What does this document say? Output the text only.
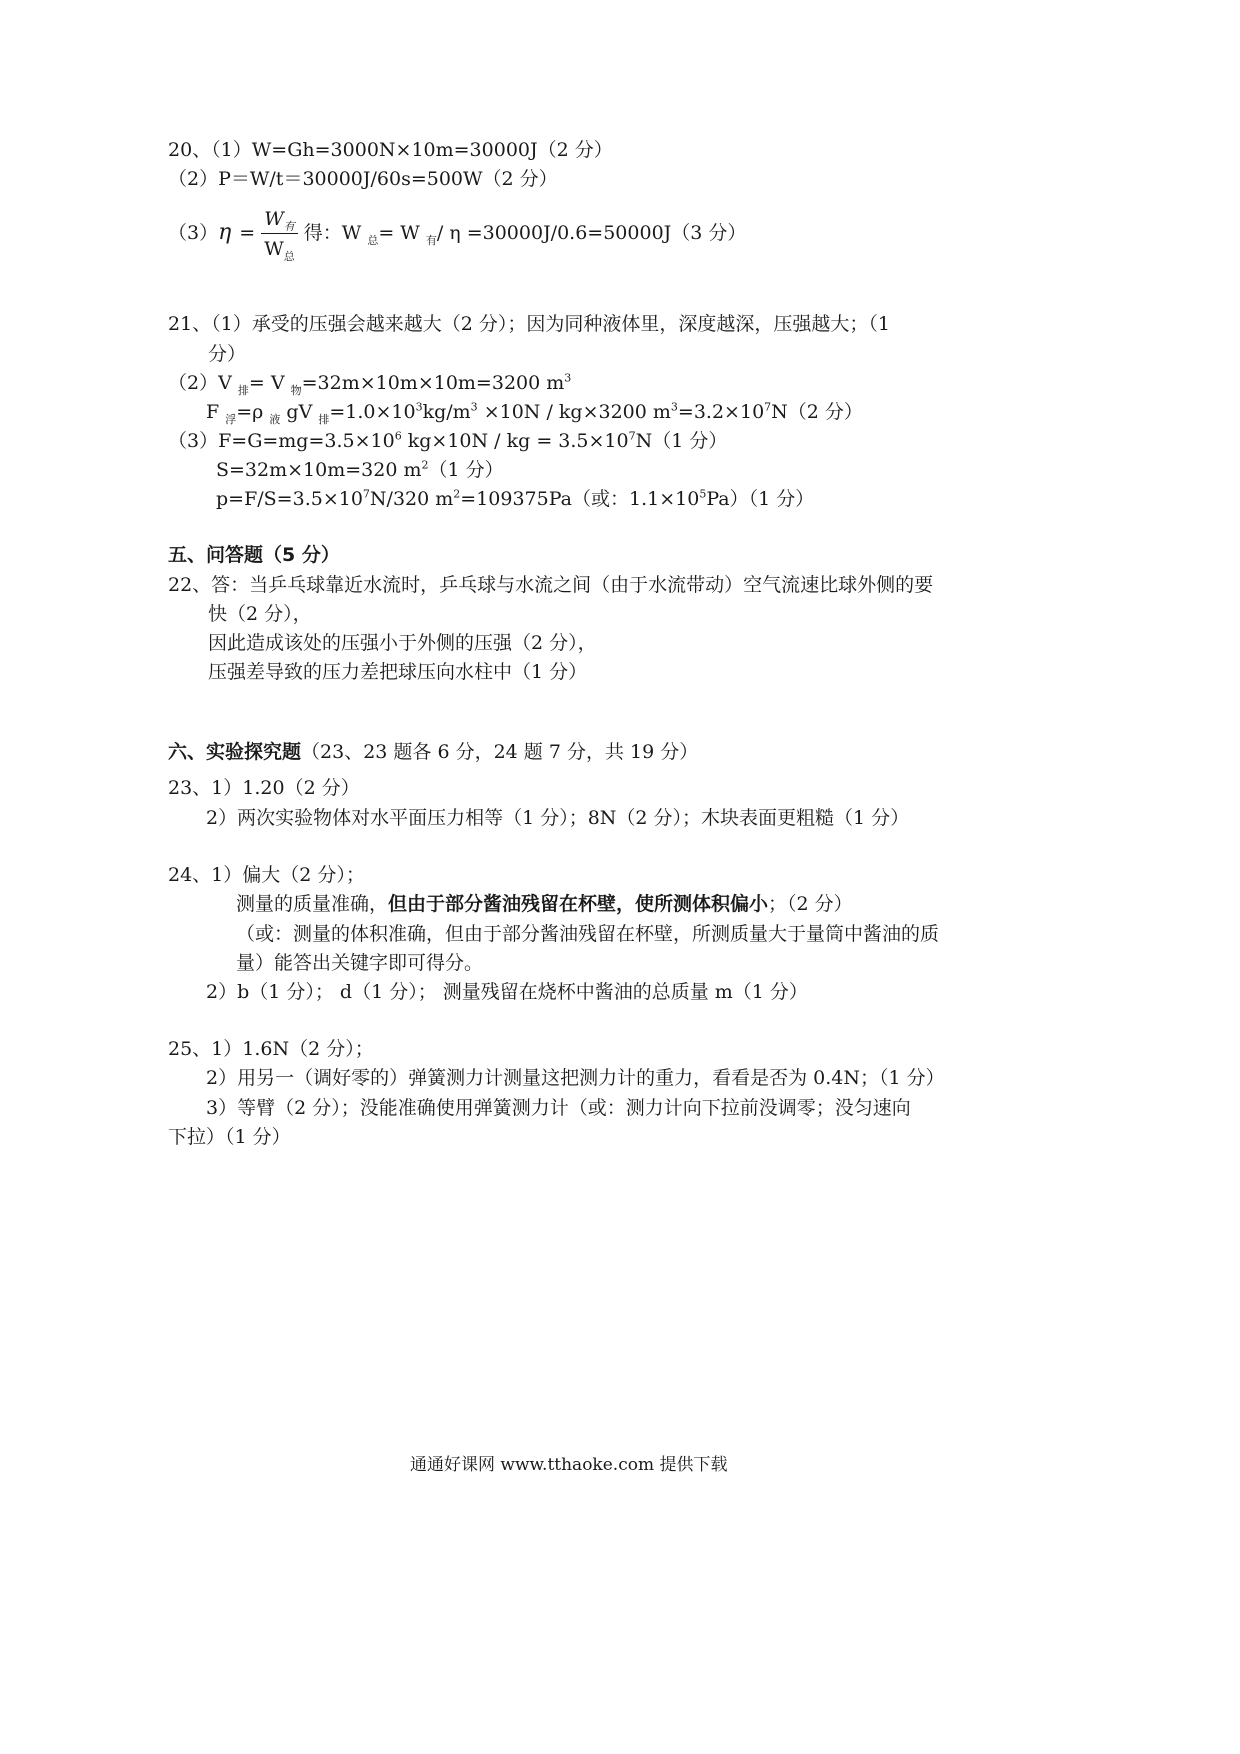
20、（1）W=Gh=3000N×10m=30000J（2 分）
（2）P＝W/t＝30000J/60s=500W（2 分）
$(3)\eta = \frac{W_有}{W_总}$ 得：W $_总$= W $_有$/ η =30000J/0.6=50000J（3 分）
21、（1）承受的压强会越来越大（2 分）；因为同种液体里，深度越深，压强越大；（1
分）
（2）V $_排$= V $_物$=32m×10m×10m=3200 $m^3$
F $_浮$=ρ $_液$ gV $_排=1.0\times 10^3kg/m^3 \times 10N / kg\times 3200$ $m^3=3.2\times 10^7N(2$ 分）
$(3)F=G=mg=3.5\times 10^6$ kg×10N / kg = $3.5\times 10^7N(1$ 分）
S=32m×10m=320 $m^2(1$ 分）
$p=F/S=3.5\times 10^7N/320$ $m^2=109375Pa$（或：$1.1\times 10^5Pa)(1$ 分）
五、问答题（5 分）
22、答：当乒乓球靠近水流时，乒乓球与水流之间（由于水流带动）空气流速比球外侧的要
快（2 分），
因此造成该处的压强小于外侧的压强（2 分），
压强差导致的压力差把球压向水柱中（1 分）
六、实验探究题（23、23 题各 6 分，24 题 7 分，共 19 分）
23、1）1.20（2 分）
2）两次实验物体对水平面压力相等（1 分）；8N（2 分）；木块表面更粗糙（1 分）
24、1）偏大（2 分）；
测量的质量准确，但由于部分酱油残留在杯壁，使所测体积偏小；（2 分）
（或：测量的体积准确，但由于部分酱油残留在杯壁，所测质量大于量筒中酱油的质
量）能答出关键字即可得分。
2）b（1 分）； d（1 分）； 测量残留在烧杯中酱油的总质量 m（1 分）
25、1）1.6N（2 分）；
2）用另一（调好零的）弹簧测力计测量这把测力计的重力，看看是否为 0.4N；（1 分）
3）等臂（2 分）；没能准确使用弹簧测力计（或：测力计向下拉前没调零；没匀速向
下拉）（1 分）
通通好课网 www.tthaoke.com 提供下载
